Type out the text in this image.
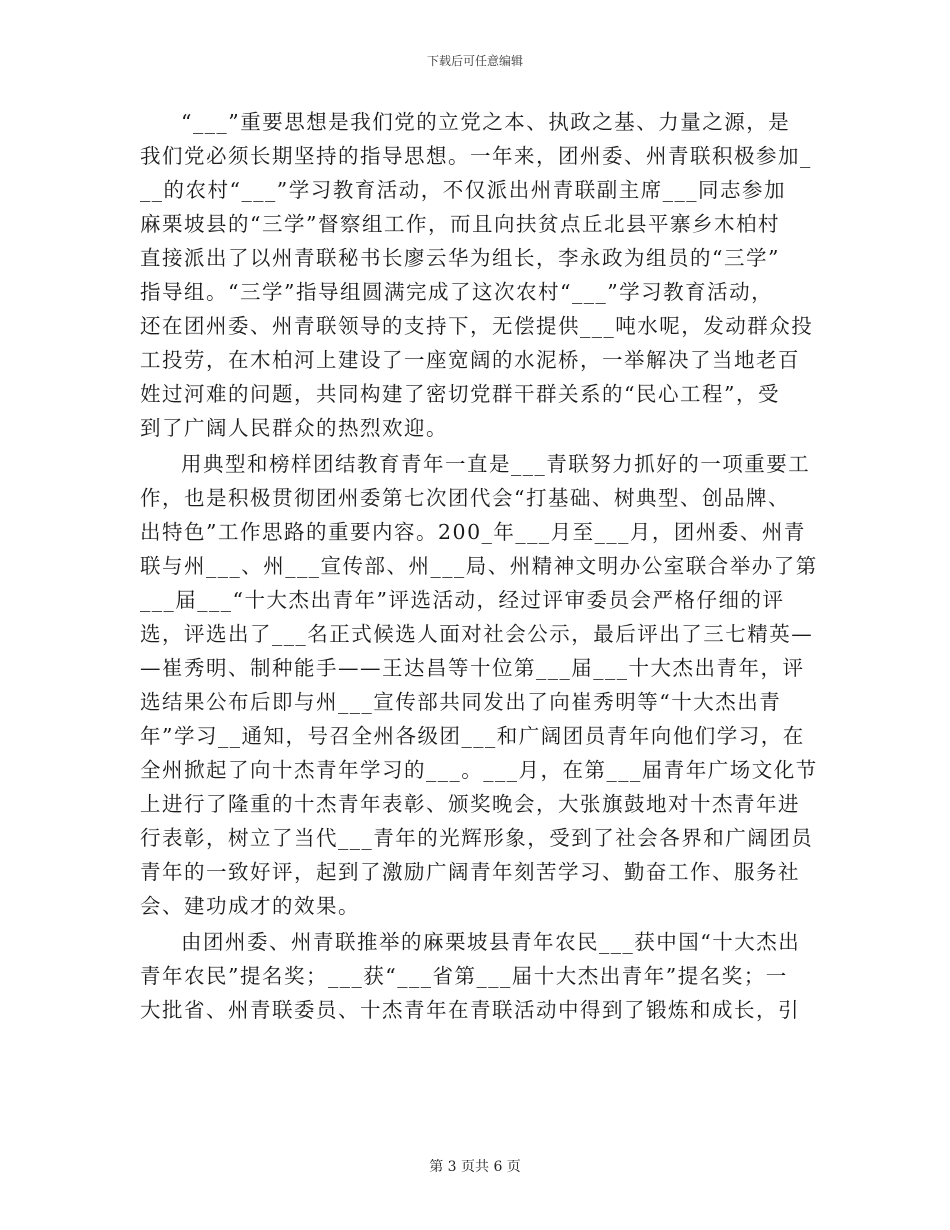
下载后可任意编辑
“___”重要思想是我们党的立党之本、执政之基、力量之源，是
我们党必须长期坚持的指导思想。一年来，团州委、州青联积极参加_
__的农村“___”学习教育活动，不仅派出州青联副主席___同志参加
麻栗坡县的“三学”督察组工作，而且向扶贫点丘北县平寨乡木柏村
直接派出了以州青联秘书长廖云华为组长，李永政为组员的“三学”
指导组。“三学”指导组圆满完成了这次农村“___”学习教育活动，
还在团州委、州青联领导的支持下，无偿提供___吨水呢，发动群众投
工投劳，在木柏河上建设了一座宽阔的水泥桥，一举解决了当地老百
姓过河难的问题，共同构建了密切党群干群关系的“民心工程”，受
到了广阔人民群众的热烈欢迎。
用典型和榜样团结教育青年一直是___青联努力抓好的一项重要工
作，也是积极贯彻团州委第七次团代会“打基础、树典型、创品牌、
出特色”工作思路的重要内容。200_年___月至___月，团州委、州青
联与州___、州___宣传部、州___局、州精神文明办公室联合举办了第
___届___“十大杰出青年”评选活动，经过评审委员会严格仔细的评
选，评选出了___名正式候选人面对社会公示，最后评出了三七精英—
—崔秀明、制种能手——王达昌等十位第___届___十大杰出青年，评
选结果公布后即与州___宣传部共同发出了向崔秀明等“十大杰出青
年”学习__通知，号召全州各级团___和广阔团员青年向他们学习，在
全州掀起了向十杰青年学习的___。___月，在第___届青年广场文化节
上进行了隆重的十杰青年表彰、颁奖晚会，大张旗鼓地对十杰青年进
行表彰，树立了当代___青年的光辉形象，受到了社会各界和广阔团员
青年的一致好评，起到了激励广阔青年刻苦学习、勤奋工作、服务社
会、建功成才的效果。
由团州委、州青联推举的麻栗坡县青年农民___获中国“十大杰出
青年农民”提名奖；___获“___省第___届十大杰出青年”提名奖；一
大批省、州青联委员、十杰青年在青联活动中得到了锻炼和成长，引
第 3 页共 6 页
